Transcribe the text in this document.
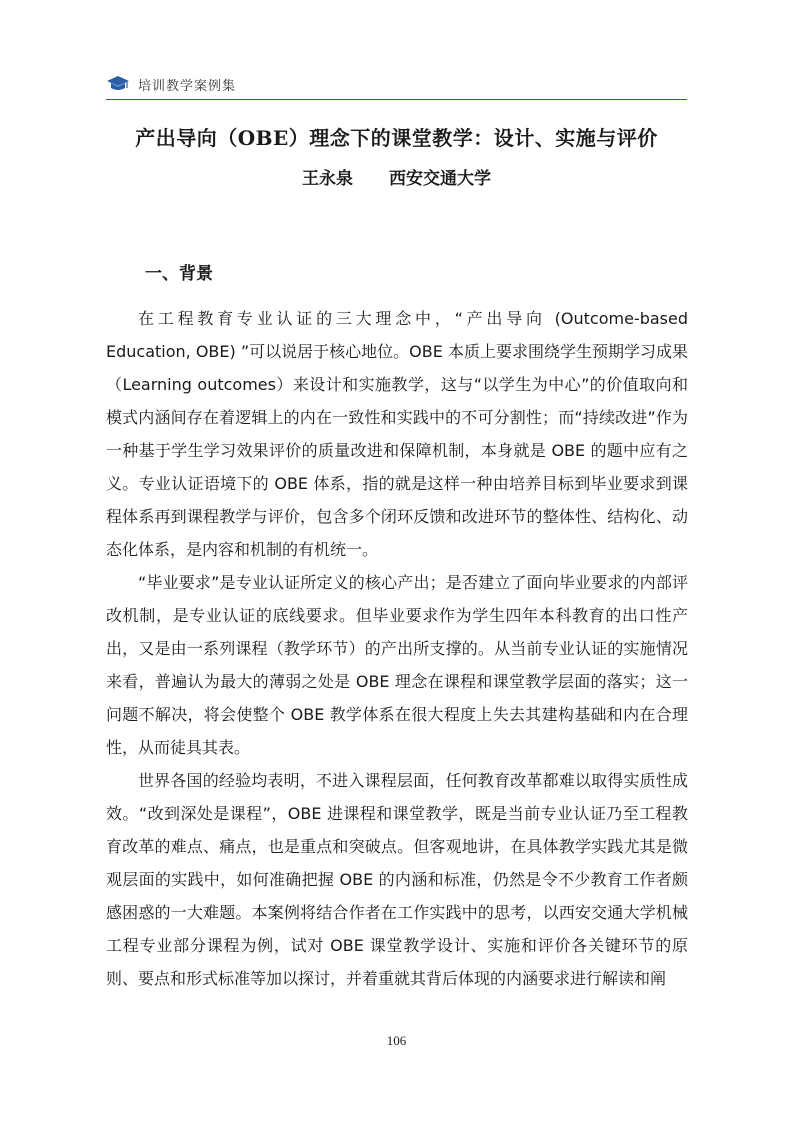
培训教学案例集
产出导向（OBE）理念下的课堂教学：设计、实施与评价
王永泉 西安交通大学
一、背景

在工程教育专业认证的三大理念中，“产出导向 (Outcome-based Education, OBE) ”可以说居于核心地位。OBE 本质上要求围绕学生预期学习成果（Learning outcomes）来设计和实施教学，这与“以学生为中心”的价值取向和模式内涵间存在着逻辑上的内在一致性和实践中的不可分割性；而“持续改进”作为一种基于学生学习效果评价的质量改进和保障机制，本身就是 OBE 的题中应有之义。专业认证语境下的 OBE 体系，指的就是这样一种由培养目标到毕业要求到课程体系再到课程教学与评价，包含多个闭环反馈和改进环节的整体性、结构化、动态化体系，是内容和机制的有机统一。

“毕业要求”是专业认证所定义的核心产出；是否建立了面向毕业要求的内部评改机制，是专业认证的底线要求。但毕业要求作为学生四年本科教育的出口性产出，又是由一系列课程（教学环节）的产出所支撑的。从当前专业认证的实施情况来看，普遍认为最大的薄弱之处是 OBE 理念在课程和课堂教学层面的落实；这一问题不解决，将会使整个 OBE 教学体系在很大程度上失去其建构基础和内在合理性，从而徒具其表。

世界各国的经验均表明，不进入课程层面，任何教育改革都难以取得实质性成效。“改到深处是课程”，OBE 进课程和课堂教学，既是当前专业认证乃至工程教育改革的难点、痛点，也是重点和突破点。但客观地讲，在具体教学实践尤其是微观层面的实践中，如何准确把握 OBE 的内涵和标准，仍然是令不少教育工作者颇感困惑的一大难题。本案例将结合作者在工作实践中的思考，以西安交通大学机械工程专业部分课程为例，试对 OBE 课堂教学设计、实施和评价各关键环节的原则、要点和形式标准等加以探讨，并着重就其背后体现的内涵要求进行解读和阐

106
